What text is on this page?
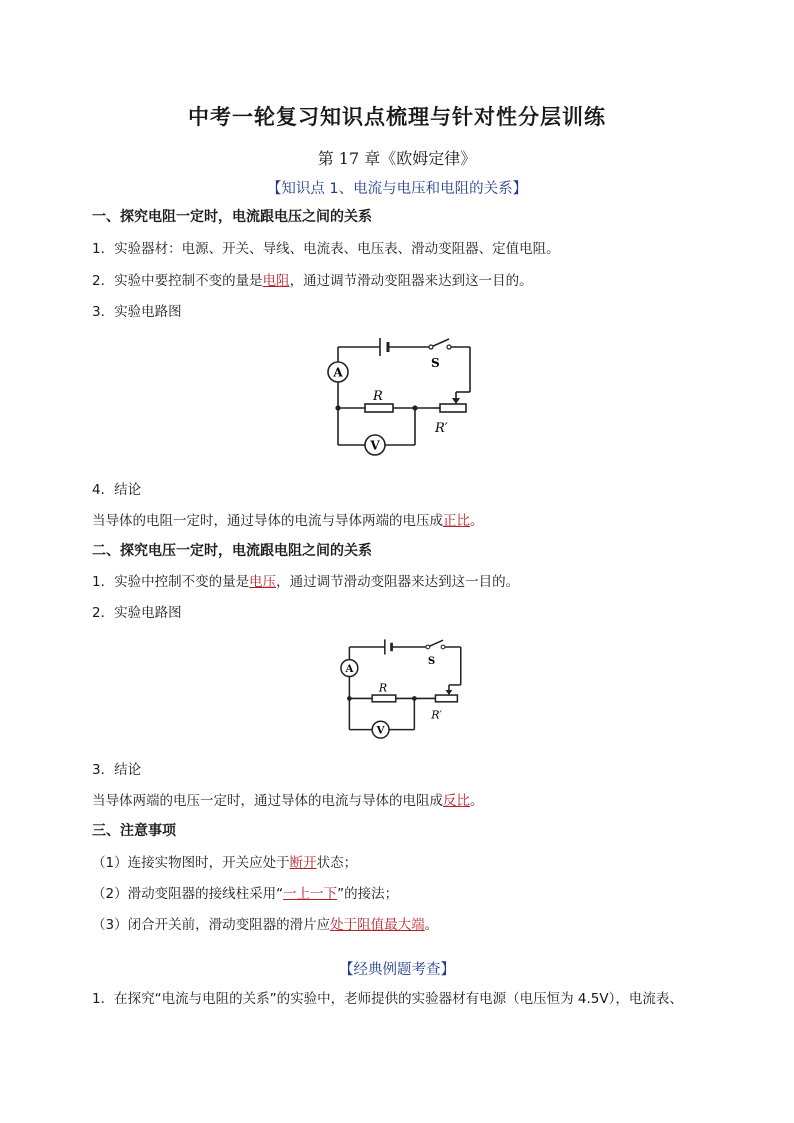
中考一轮复习知识点梳理与针对性分层训练
第 17 章《欧姆定律》
【知识点 1、电流与电压和电阻的关系】
一、探究电阻一定时，电流跟电压之间的关系
1．实验器材：电源、开关、导线、电流表、电压表、滑动变阻器、定值电阻。
2．实验中要控制不变的量是电阻，通过调节滑动变阻器来达到这一目的。
3．实验电路图
A
V
S
R
R′
4．结论
当导体的电阻一定时，通过导体的电流与导体两端的电压成正比。
二、探究电压一定时，电流跟电阻之间的关系
1．实验中控制不变的量是电压，通过调节滑动变阻器来达到这一目的。
2．实验电路图
A
V
S
R
R′
3．结论
当导体两端的电压一定时，通过导体的电流与导体的电阻成反比。
三、注意事项
（1）连接实物图时，开关应处于断开状态；
（2）滑动变阻器的接线柱采用“一上一下”的接法；
（3）闭合开关前，滑动变阻器的滑片应处于阻值最大端。
【经典例题考查】
1．在探究“电流与电阻的关系”的实验中，老师提供的实验器材有电源（电压恒为 4.5V），电流表、
